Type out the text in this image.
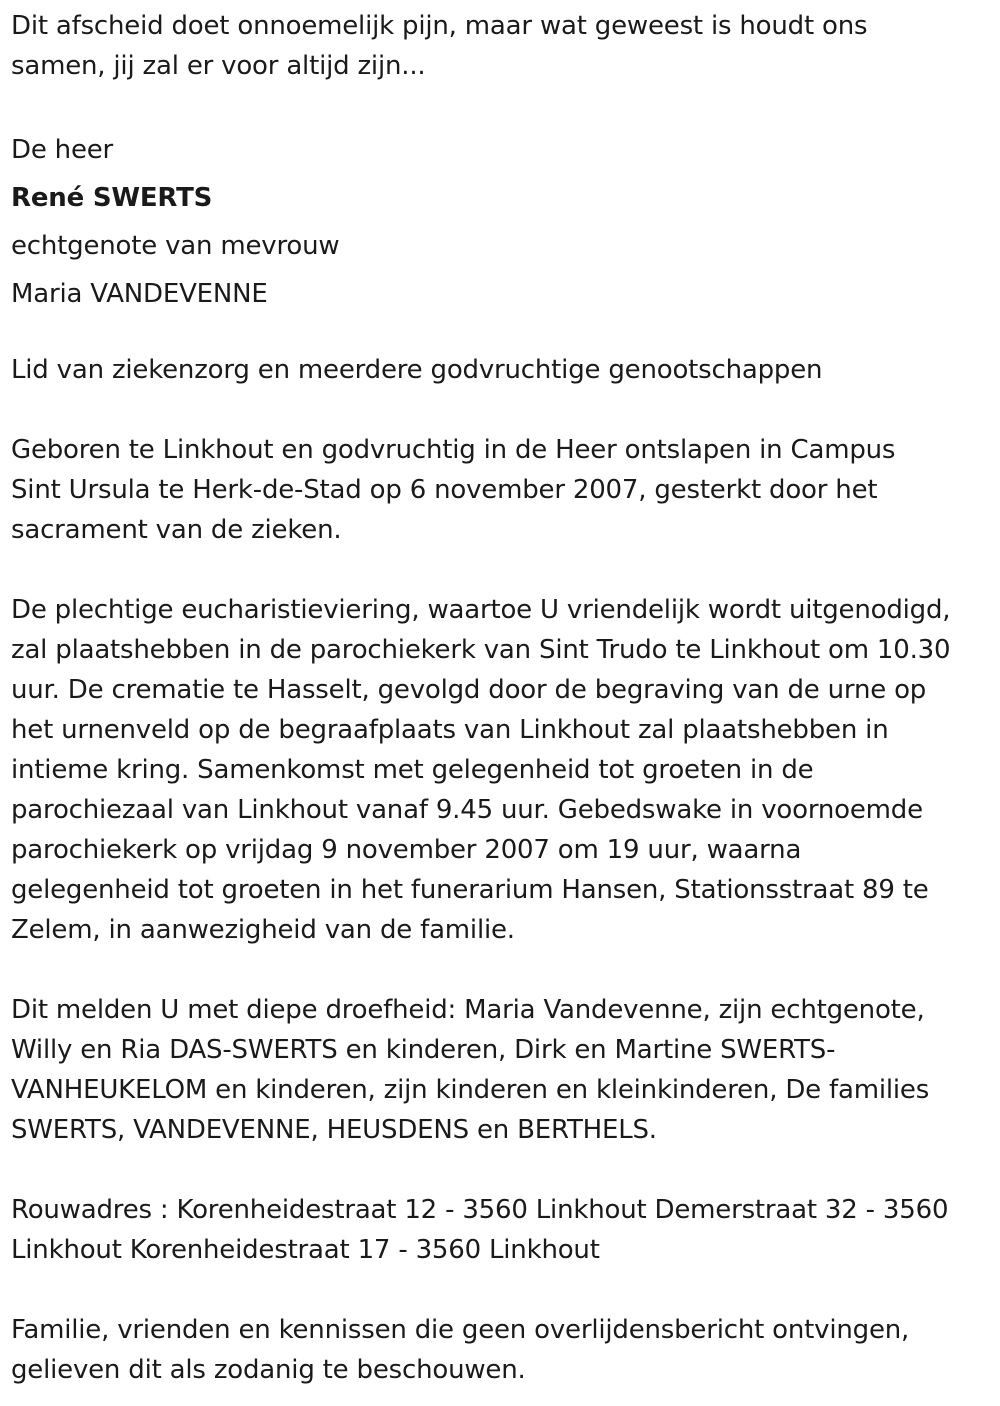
Dit afscheid doet onnoemelijk pijn, maar wat geweest is houdt ons

samen, jij zal er voor altijd zijn...

De heer

René SWERTS

echtgenote van mevrouw

Maria VANDEVENNE

Lid van ziekenzorg en meerdere godvruchtige genootschappen

Geboren te Linkhout en godvruchtig in de Heer ontslapen in Campus

Sint Ursula te Herk-de-Stad op 6 november 2007, gesterkt door het

sacrament van de zieken.

De plechtige eucharistieviering, waartoe U vriendelijk wordt uitgenodigd,

zal plaatshebben in de parochiekerk van Sint Trudo te Linkhout om 10.30

uur. De crematie te Hasselt, gevolgd door de begraving van de urne op

het urnenveld op de begraafplaats van Linkhout zal plaatshebben in

intieme kring. Samenkomst met gelegenheid tot groeten in de

parochiezaal van Linkhout vanaf 9.45 uur. Gebedswake in voornoemde

parochiekerk op vrijdag 9 november 2007 om 19 uur, waarna

gelegenheid tot groeten in het funerarium Hansen, Stationsstraat 89 te

Zelem, in aanwezigheid van de familie.

Dit melden U met diepe droefheid: Maria Vandevenne, zijn echtgenote,

Willy en Ria DAS-SWERTS en kinderen, Dirk en Martine SWERTS-

VANHEUKELOM en kinderen, zijn kinderen en kleinkinderen, De families

SWERTS, VANDEVENNE, HEUSDENS en BERTHELS.

Rouwadres : Korenheidestraat 12 - 3560 Linkhout Demerstraat 32 - 3560

Linkhout Korenheidestraat 17 - 3560 Linkhout

Familie, vrienden en kennissen die geen overlijdensbericht ontvingen,

gelieven dit als zodanig te beschouwen.
